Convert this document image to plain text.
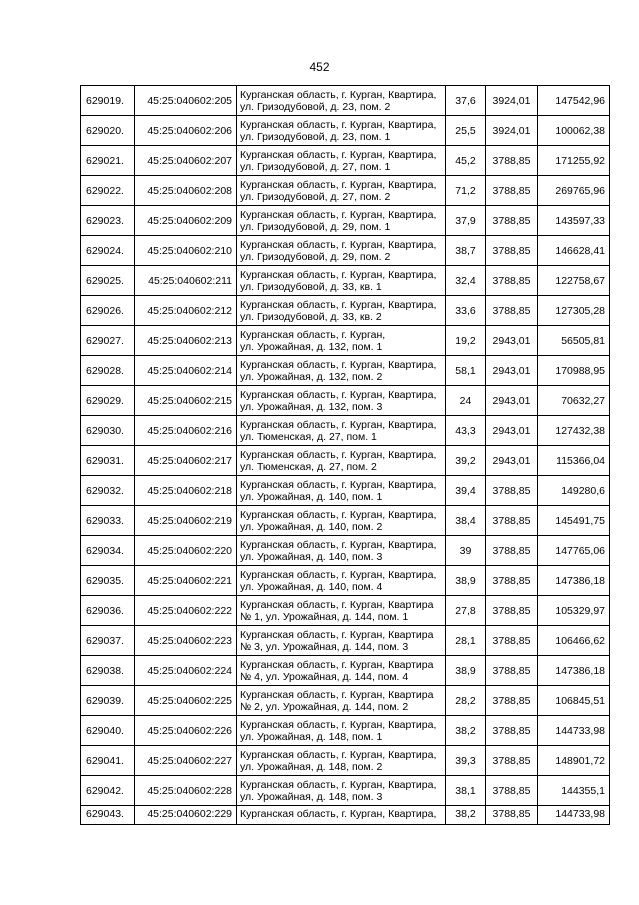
452
629019.	45:25:040602:205	Курганская область, г. Курган, Квартира,
ул. Гризодубовой, д. 23, пом. 2	37,6	3924,01	147542,96
629020.	45:25:040602:206	Курганская область, г. Курган, Квартира,
ул. Гризодубовой, д. 23, пом. 1	25,5	3924,01	100062,38
629021.	45:25:040602:207	Курганская область, г. Курган, Квартира,
ул. Гризодубовой, д. 27, пом. 1	45,2	3788,85	171255,92
629022.	45:25:040602:208	Курганская область, г. Курган, Квартира,
ул. Гризодубовой, д. 27, пом. 2	71,2	3788,85	269765,96
629023.	45:25:040602:209	Курганская область, г. Курган, Квартира,
ул. Гризодубовой, д. 29, пом. 1	37,9	3788,85	143597,33
629024.	45:25:040602:210	Курганская область, г. Курган, Квартира,
ул. Гризодубовой, д. 29, пом. 2	38,7	3788,85	146628,41
629025.	45:25:040602:211	Курганская область, г. Курган, Квартира,
ул. Гризодубовой, д. 33, кв. 1	32,4	3788,85	122758,67
629026.	45:25:040602:212	Курганская область, г. Курган, Квартира,
ул. Гризодубовой, д. 33, кв. 2	33,6	3788,85	127305,28
629027.	45:25:040602:213	Курганская область, г. Курган,
ул. Урожайная, д. 132, пом. 1	19,2	2943,01	56505,81
629028.	45:25:040602:214	Курганская область, г. Курган, Квартира,
ул. Урожайная, д. 132, пом. 2	58,1	2943,01	170988,95
629029.	45:25:040602:215	Курганская область, г. Курган, Квартира,
ул. Урожайная, д. 132, пом. 3	24	2943,01	70632,27
629030.	45:25:040602:216	Курганская область, г. Курган, Квартира,
ул. Тюменская, д. 27, пом. 1	43,3	2943,01	127432,38
629031.	45:25:040602:217	Курганская область, г. Курган, Квартира,
ул. Тюменская, д. 27, пом. 2	39,2	2943,01	115366,04
629032.	45:25:040602:218	Курганская область, г. Курган, Квартира,
ул. Урожайная, д. 140, пом. 1	39,4	3788,85	149280,6
629033.	45:25:040602:219	Курганская область, г. Курган, Квартира,
ул. Урожайная, д. 140, пом. 2	38,4	3788,85	145491,75
629034.	45:25:040602:220	Курганская область, г. Курган, Квартира,
ул. Урожайная, д. 140, пом. 3	39	3788,85	147765,06
629035.	45:25:040602:221	Курганская область, г. Курган, Квартира,
ул. Урожайная, д. 140, пом. 4	38,9	3788,85	147386,18
629036.	45:25:040602:222	Курганская область, г. Курган, Квартира
№ 1, ул. Урожайная, д. 144, пом. 1	27,8	3788,85	105329,97
629037.	45:25:040602:223	Курганская область, г. Курган, Квартира
№ 3, ул. Урожайная, д. 144, пом. 3	28,1	3788,85	106466,62
629038.	45:25:040602:224	Курганская область, г. Курган, Квартира
№ 4, ул. Урожайная, д. 144, пом. 4	38,9	3788,85	147386,18
629039.	45:25:040602:225	Курганская область, г. Курган, Квартира
№ 2, ул. Урожайная, д. 144, пом. 2	28,2	3788,85	106845,51
629040.	45:25:040602:226	Курганская область, г. Курган, Квартира,
ул. Урожайная, д. 148, пом. 1	38,2	3788,85	144733,98
629041.	45:25:040602:227	Курганская область, г. Курган, Квартира,
ул. Урожайная, д. 148, пом. 2	39,3	3788,85	148901,72
629042.	45:25:040602:228	Курганская область, г. Курган, Квартира,
ул. Урожайная, д. 148, пом. 3	38,1	3788,85	144355,1
629043.	45:25:040602:229	Курганская область, г. Курган, Квартира,	38,2	3788,85	144733,98
